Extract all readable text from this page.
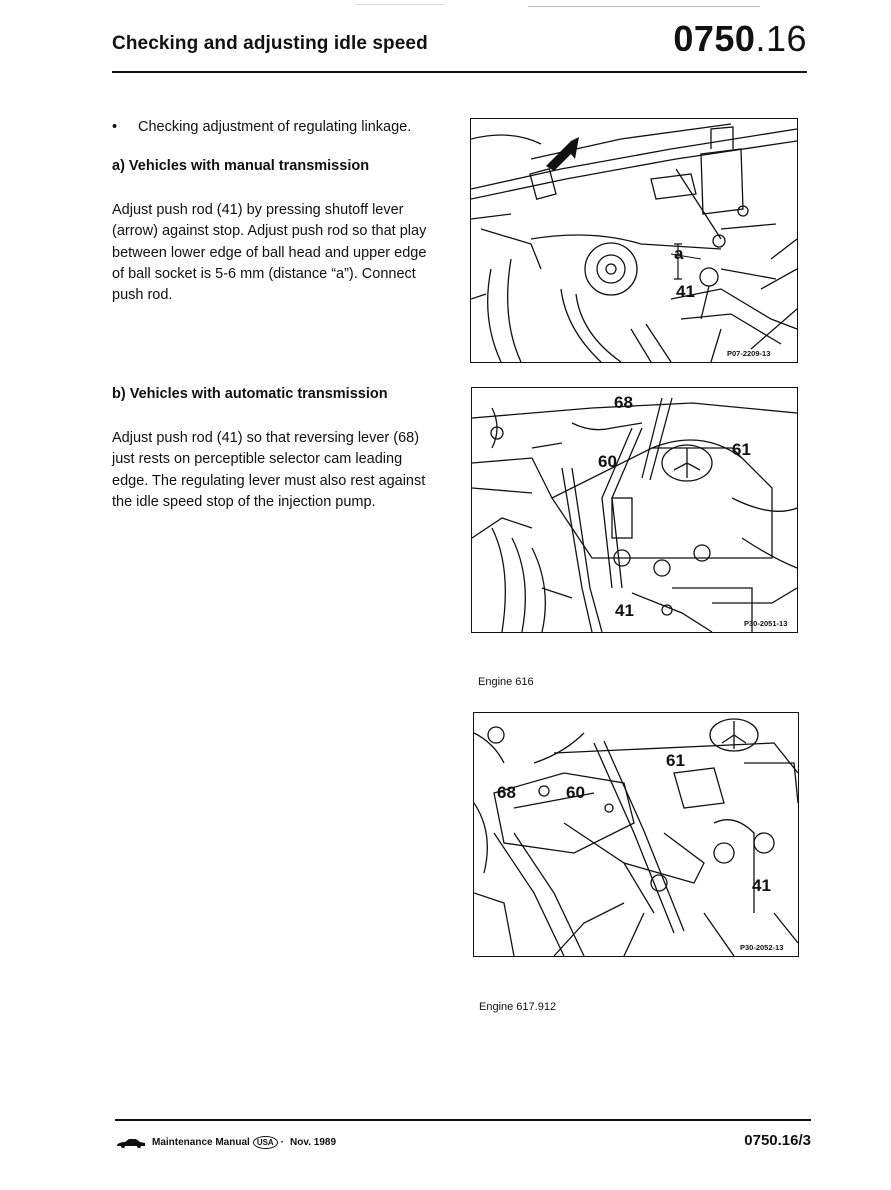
Checking and adjusting idle speed	0750.16
• Checking adjustment of regulating linkage.
a) Vehicles with manual transmission
Adjust push rod (41) by pressing shutoff lever
(arrow) against stop. Adjust push rod so that play
between lower edge of ball head and upper edge
of ball socket is 5-6 mm (distance “a”). Connect
push rod.
b) Vehicles with automatic transmission
Adjust push rod (41) so that reversing lever (68)
just rests on perceptible selector cam leading
edge. The regulating lever must also rest against
the idle speed stop of the injection pump.
a
41
P07-2209-13
68
60
61
41
P30-2051-13
61
68	60
41
P30-2052-13
Engine 616
Engine 617.912
Maintenance Manual USA · Nov. 1989	0750.16/3
